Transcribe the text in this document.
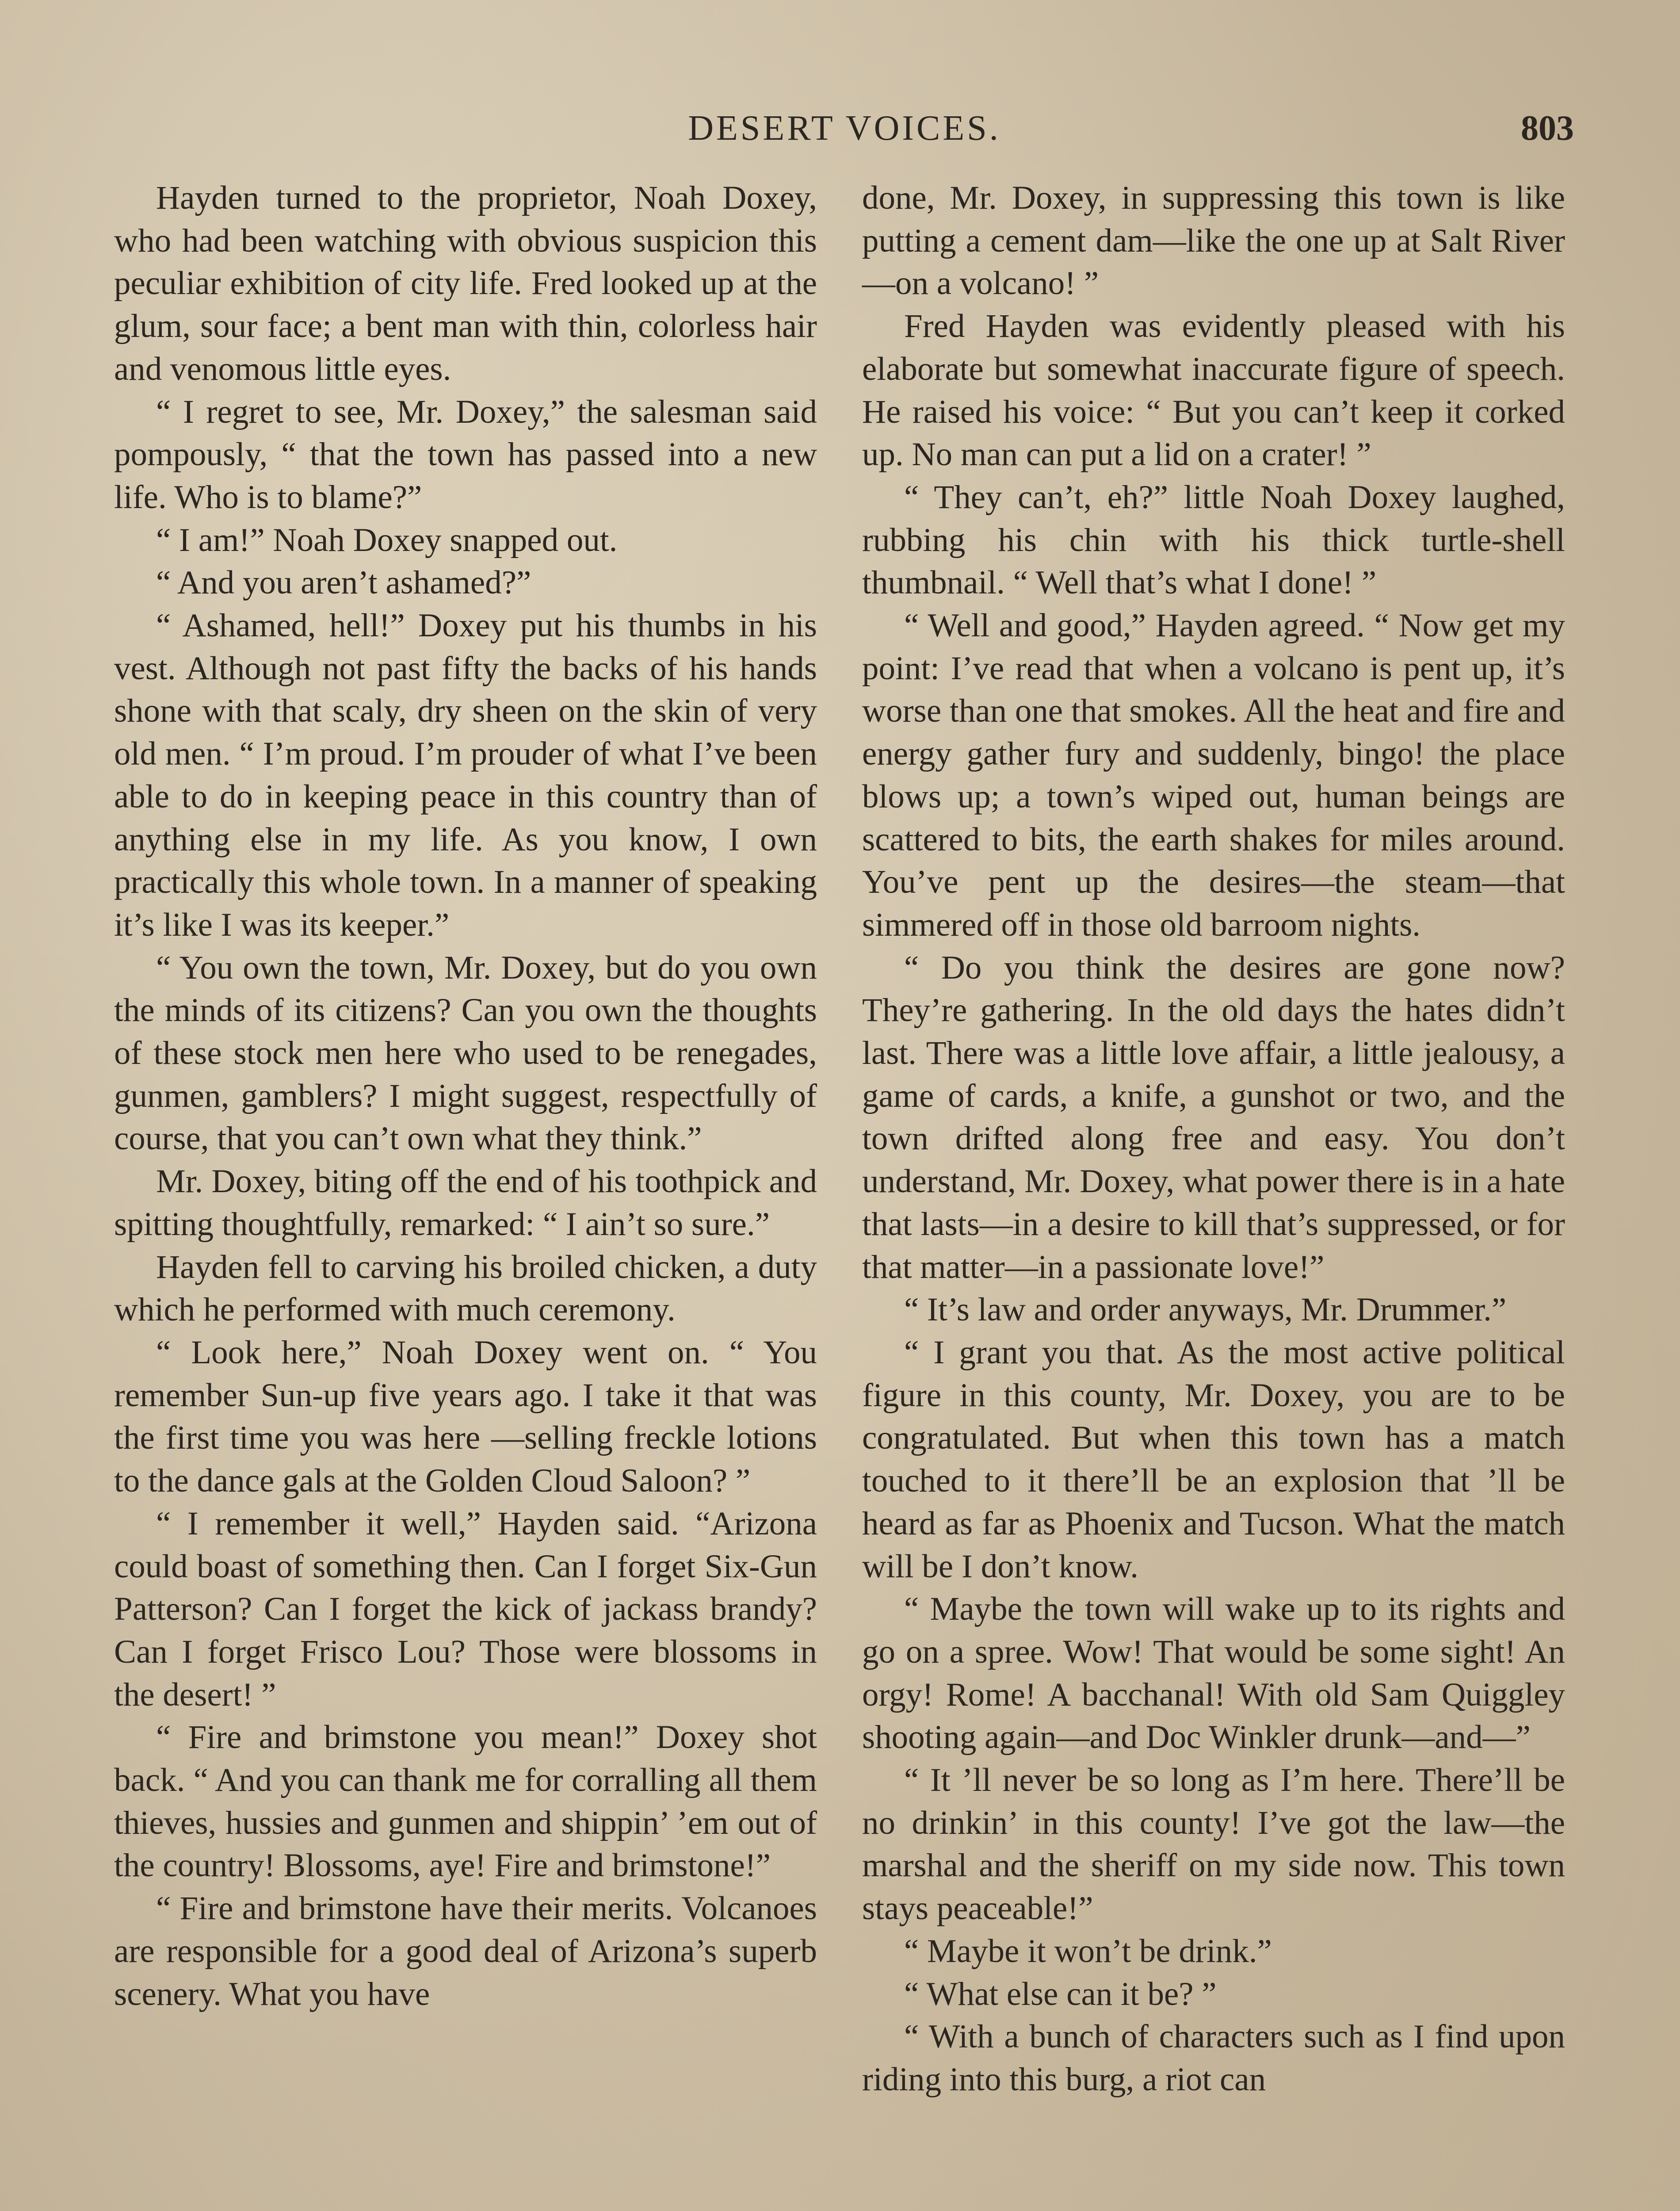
DESERT VOICES.	803

Hayden turned to the proprietor, Noah Doxey, who had been watching with obvious suspicion this peculiar exhibition of city life. Fred looked up at the glum, sour face; a bent man with thin, colorless hair and venomous little eyes.

“ I regret to see, Mr. Doxey,” the salesman said pompously, “ that the town has passed into a new life. Who is to blame?”

“ I am!” Noah Doxey snapped out.

“ And you aren’t ashamed?”

“ Ashamed, hell!” Doxey put his thumbs in his vest. Although not past fifty the backs of his hands shone with that scaly, dry sheen on the skin of very old men. “ I’m proud. I’m prouder of what I’ve been able to do in keeping peace in this country than of anything else in my life. As you know, I own practically this whole town. In a manner of speaking it’s like I was its keeper.”

“ You own the town, Mr. Doxey, but do you own the minds of its citizens? Can you own the thoughts of these stock men here who used to be renegades, gunmen, gamblers? I might suggest, respectfully of course, that you can’t own what they think.”

Mr. Doxey, biting off the end of his toothpick and spitting thoughtfully, remarked: “ I ain’t so sure.”

Hayden fell to carving his broiled chicken, a duty which he performed with much ceremony.

“ Look here,” Noah Doxey went on. “ You remember Sun-up five years ago. I take it that was the first time you was here —selling freckle lotions to the dance gals at the Golden Cloud Saloon? ”

“ I remember it well,” Hayden said. “Arizona could boast of something then. Can I forget Six-Gun Patterson? Can I forget the kick of jackass brandy? Can I forget Frisco Lou? Those were blossoms in the desert! ”

“ Fire and brimstone you mean!” Doxey shot back. “ And you can thank me for corralling all them thieves, hussies and gunmen and shippin’ ’em out of the country! Blossoms, aye! Fire and brimstone!”

“ Fire and brimstone have their merits. Volcanoes are responsible for a good deal of Arizona’s superb scenery. What you have

done, Mr. Doxey, in suppressing this town is like putting a cement dam—like the one up at Salt River—on a volcano! ”

Fred Hayden was evidently pleased with his elaborate but somewhat inaccurate figure of speech. He raised his voice: “ But you can’t keep it corked up. No man can put a lid on a crater! ”

“ They can’t, eh?” little Noah Doxey laughed, rubbing his chin with his thick turtle-shell thumbnail. “ Well that’s what I done! ”

“ Well and good,” Hayden agreed. “ Now get my point: I’ve read that when a volcano is pent up, it’s worse than one that smokes. All the heat and fire and energy gather fury and suddenly, bingo! the place blows up; a town’s wiped out, human beings are scattered to bits, the earth shakes for miles around. You’ve pent up the desires—the steam—that simmered off in those old barroom nights.

“ Do you think the desires are gone now? They’re gathering. In the old days the hates didn’t last. There was a little love affair, a little jealousy, a game of cards, a knife, a gunshot or two, and the town drifted along free and easy. You don’t understand, Mr. Doxey, what power there is in a hate that lasts—in a desire to kill that’s suppressed, or for that matter—in a passionate love!”

“ It’s law and order anyways, Mr. Drummer.”

“ I grant you that. As the most active political figure in this county, Mr. Doxey, you are to be congratulated. But when this town has a match touched to it there’ll be an explosion that ’ll be heard as far as Phoenix and Tucson. What the match will be I don’t know.

“ Maybe the town will wake up to its rights and go on a spree. Wow! That would be some sight! An orgy! Rome! A bacchanal! With old Sam Quiggley shooting again—and Doc Winkler drunk—and—”

“ It ’ll never be so long as I’m here. There’ll be no drinkin’ in this county! I’ve got the law—the marshal and the sheriff on my side now. This town stays peaceable!”

“ Maybe it won’t be drink.”

“ What else can it be? ”

“ With a bunch of characters such as I find upon riding into this burg, a riot can
